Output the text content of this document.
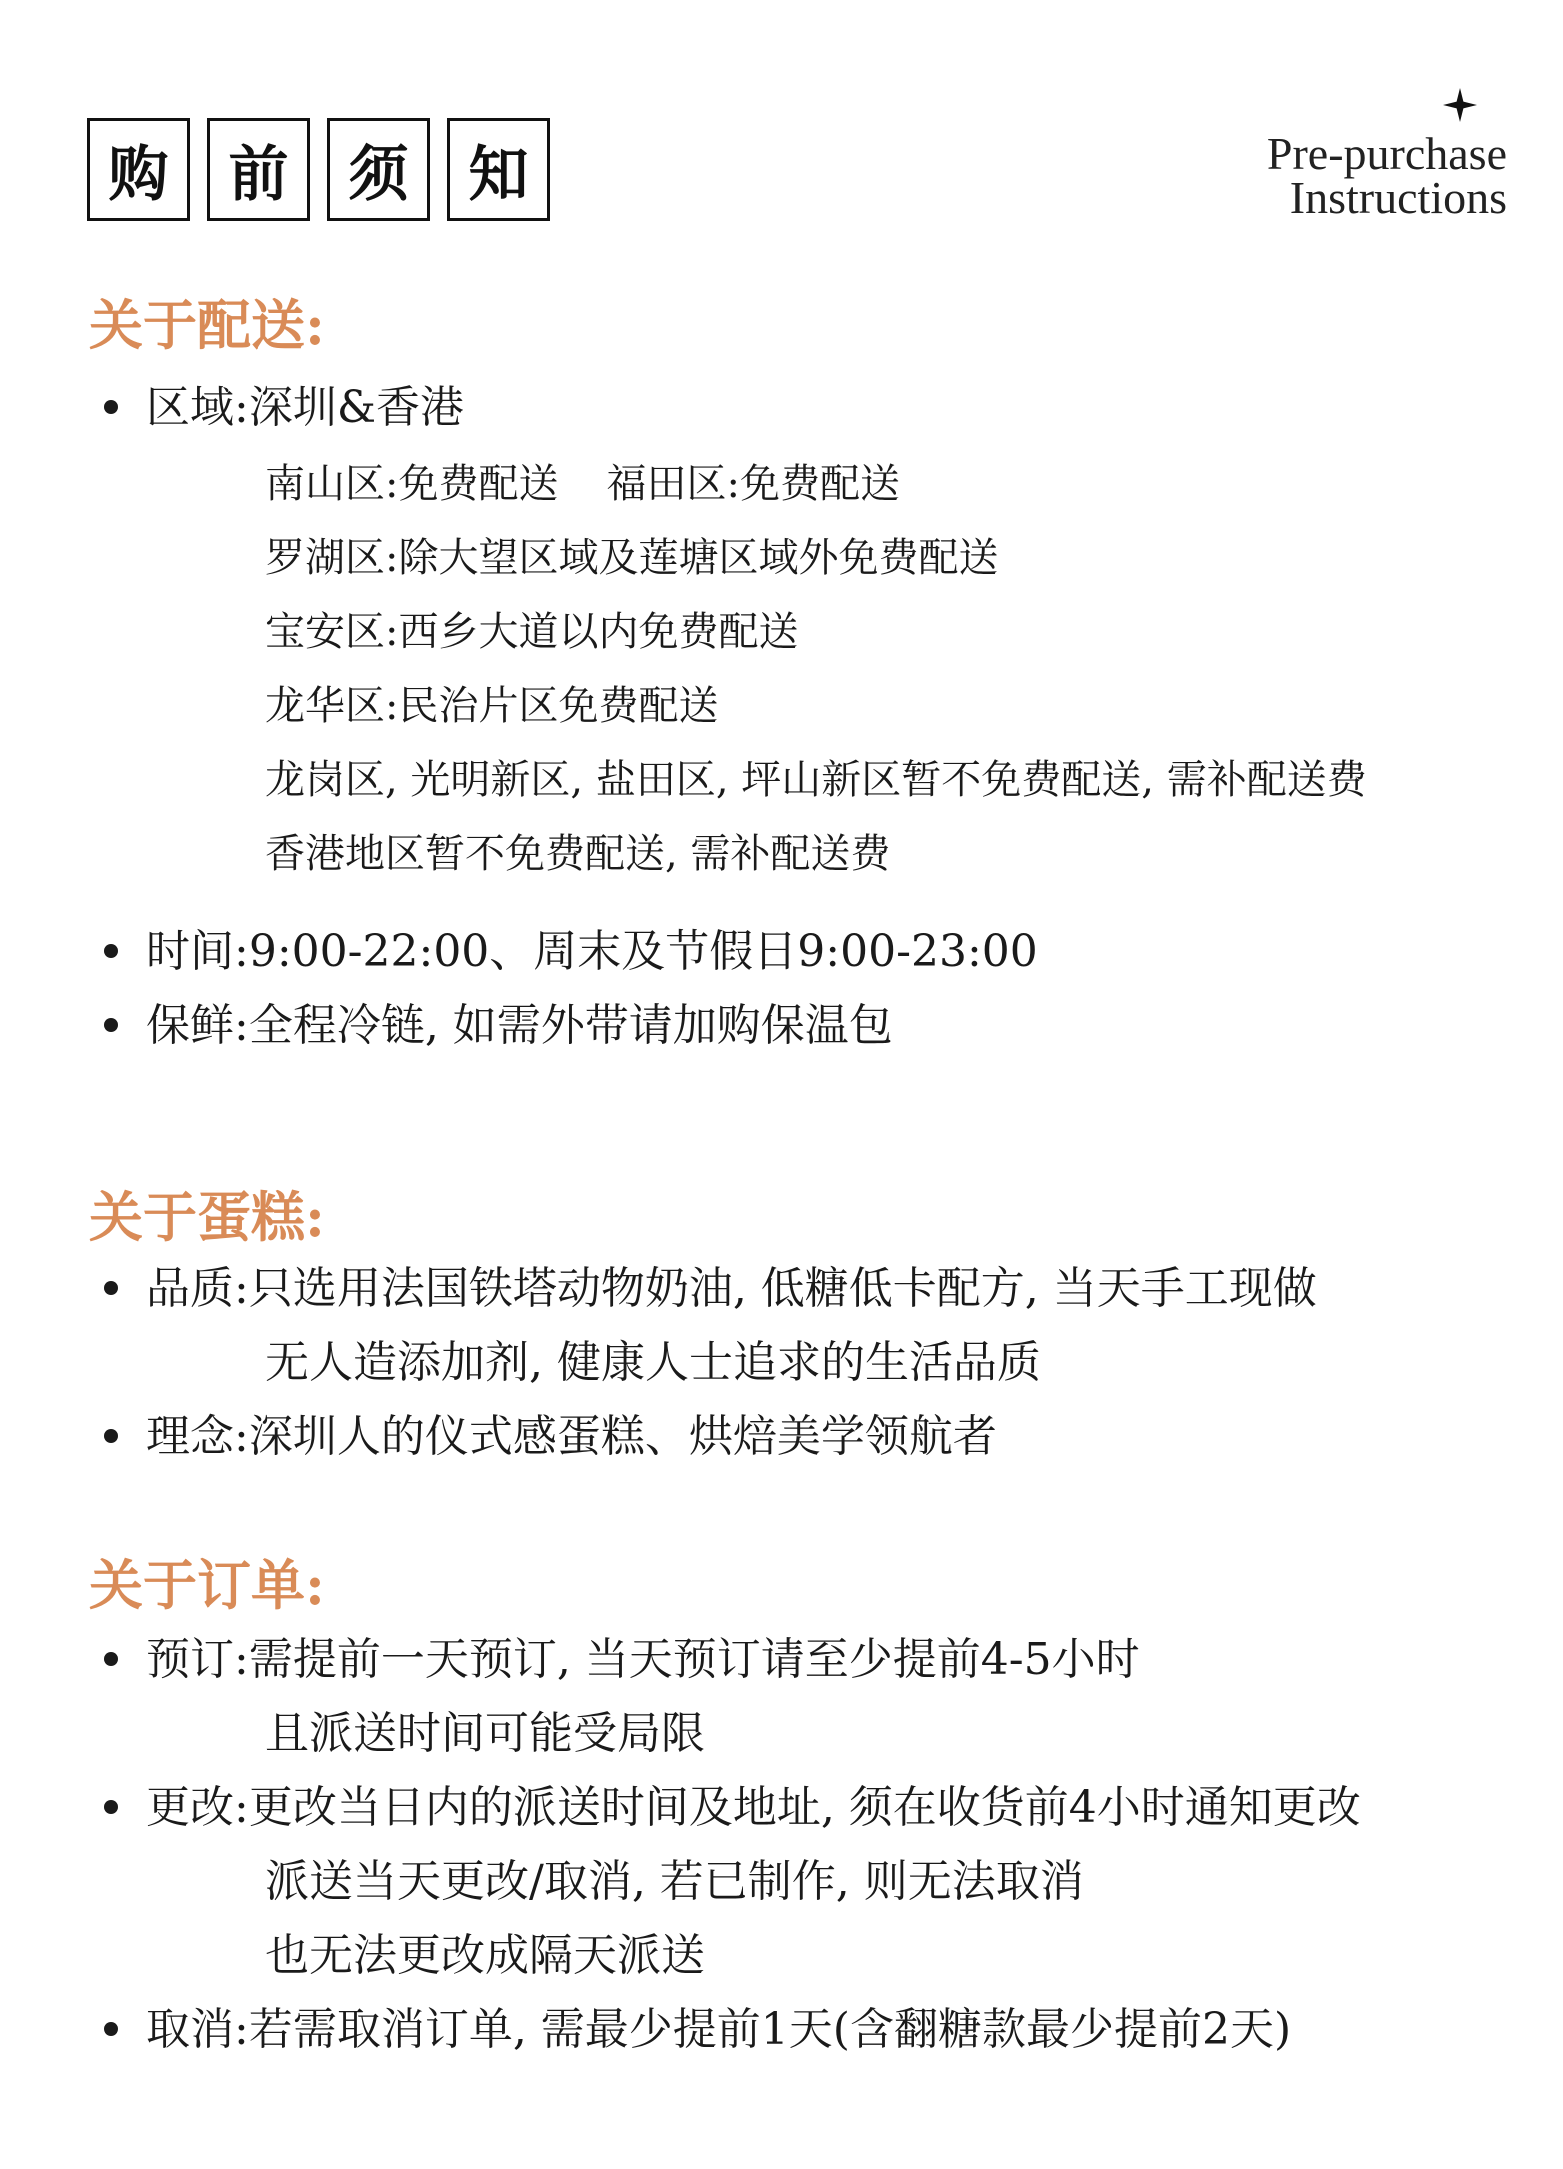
购	前	须	知	Pre-purchase
Instructions
关于配送:
区域:深圳&香港
南山区:免费配送 福田区:免费配送
罗湖区:除大望区域及莲塘区域外免费配送
宝安区:西乡大道以内免费配送
龙华区:民治片区免费配送
龙岗区, 光明新区, 盐田区, 坪山新区暂不免费配送, 需补配送费
香港地区暂不免费配送, 需补配送费
时间:9:00-22:00、周末及节假日9:00-23:00
保鲜:全程冷链, 如需外带请加购保温包
关于蛋糕:
品质:只选用法国铁塔动物奶油, 低糖低卡配方, 当天手工现做
无人造添加剂, 健康人士追求的生活品质
理念:深圳人的仪式感蛋糕、烘焙美学领航者
关于订单:
预订:需提前一天预订, 当天预订请至少提前4-5小时
且派送时间可能受局限
更改:更改当日内的派送时间及地址, 须在收货前4小时通知更改
派送当天更改/取消, 若已制作, 则无法取消
也无法更改成隔天派送
取消:若需取消订单, 需最少提前1天(含翻糖款最少提前2天)
